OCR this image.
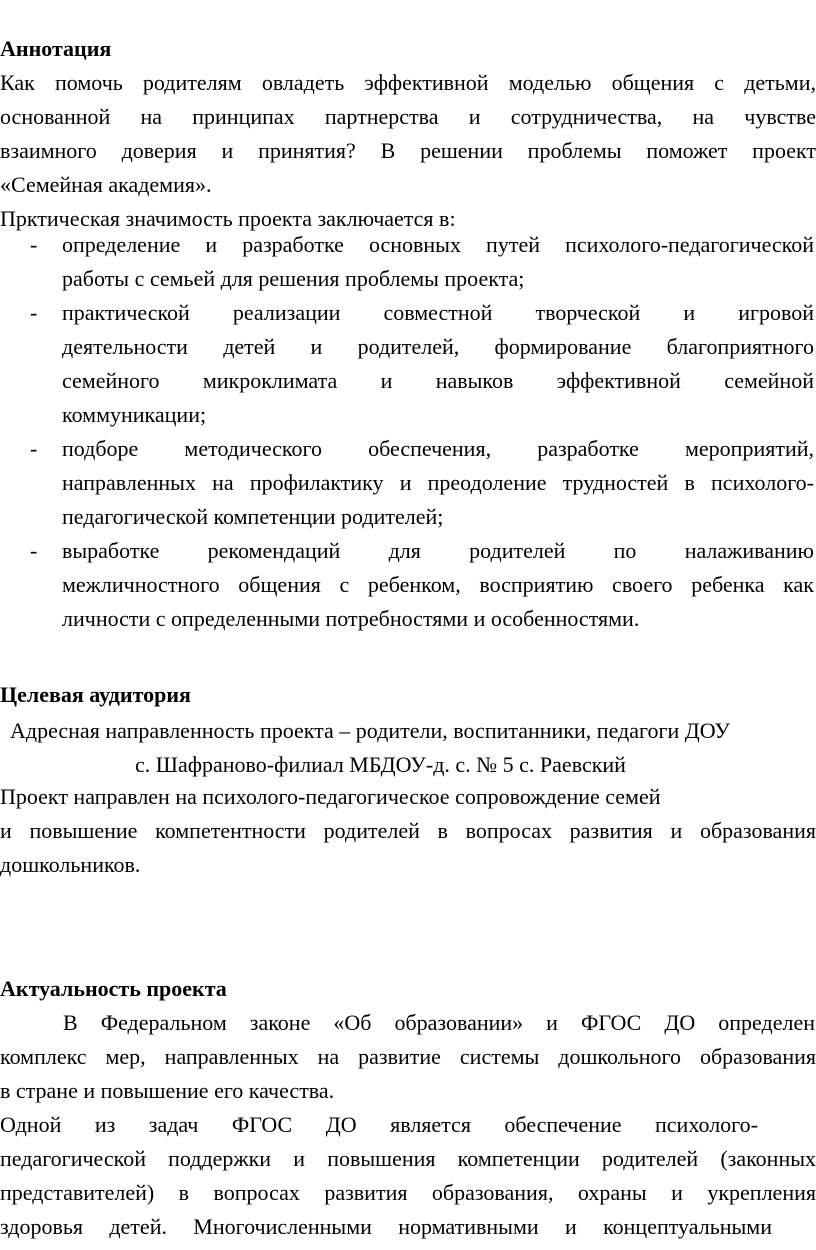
Аннотация

Как помочь родителям овладеть эффективной моделью общения с детьми,

основанной на принципах партнерства и сотрудничества, на чувстве

взаимного доверия и принятия? В решении проблемы поможет проект

«Семейная академия».

Прктическая значимость проекта заключается в:

-	определение и разработке основных путей психолого-педагогической

работы с семьей для решения проблемы проекта;

-	практической реализации совместной творческой и игровой

деятельности детей и родителей, формирование благоприятного

семейного микроклимата и навыков эффективной семейной

коммуникации;

-	подборе методического обеспечения, разработке мероприятий,

направленных на профилактику и преодоление трудностей в психолого-

педагогической компетенции родителей;

-	выработке рекомендаций для родителей по налаживанию

межличностного общения с ребенком, восприятию своего ребенка как

личности с определенными потребностями и особенностями.

Целевая аудитория

Адресная направленность проекта – родители, воспитанники, педагоги ДОУ

с. Шафраново-филиал МБДОУ-д. с. № 5 с. Раевский

Проект направлен на психолого-педагогическое сопровождение семей

и повышение компетентности родителей в вопросах развития и образования

дошкольников.

Актуальность проекта

В Федеральном законе «Об образовании» и ФГОС ДО определен

комплекс мер, направленных на развитие системы дошкольного образования

в стране и повышение его качества.

Одной из задач ФГОС ДО является обеспечение психолого-

педагогической поддержки и повышения компетенции родителей (законных

представителей) в вопросах развития образования, охраны и укрепления

здоровья детей. Многочисленными нормативными и концептуальными
